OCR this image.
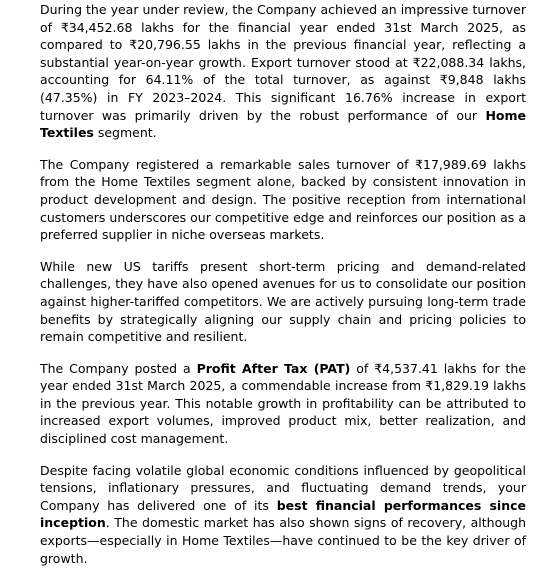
During the year under review, the Company achieved an impressive turnover of ₹34,452.68 lakhs for the financial year ended 31st March 2025, as compared to ₹20,796.55 lakhs in the previous financial year, reflecting a substantial year-on-year growth. Export turnover stood at ₹22,088.34 lakhs, accounting for 64.11% of the total turnover, as against ₹9,848 lakhs (47.35%) in FY 2023–2024. This significant 16.76% increase in export turnover was primarily driven by the robust performance of our Home Textiles segment.

The Company registered a remarkable sales turnover of ₹17,989.69 lakhs from the Home Textiles segment alone, backed by consistent innovation in product development and design. The positive reception from international customers underscores our competitive edge and reinforces our position as a preferred supplier in niche overseas markets.

While new US tariffs present short-term pricing and demand-related challenges, they have also opened avenues for us to consolidate our position against higher-tariffed competitors. We are actively pursuing long-term trade benefits by strategically aligning our supply chain and pricing policies to remain competitive and resilient.

The Company posted a Profit After Tax (PAT) of ₹4,537.41 lakhs for the year ended 31st March 2025, a commendable increase from ₹1,829.19 lakhs in the previous year. This notable growth in profitability can be attributed to increased export volumes, improved product mix, better realization, and disciplined cost management.

Despite facing volatile global economic conditions influenced by geopolitical tensions, inflationary pressures, and fluctuating demand trends, your Company has delivered one of its best financial performances since inception. The domestic market has also shown signs of recovery, although exports—especially in Home Textiles—have continued to be the key driver of growth.
